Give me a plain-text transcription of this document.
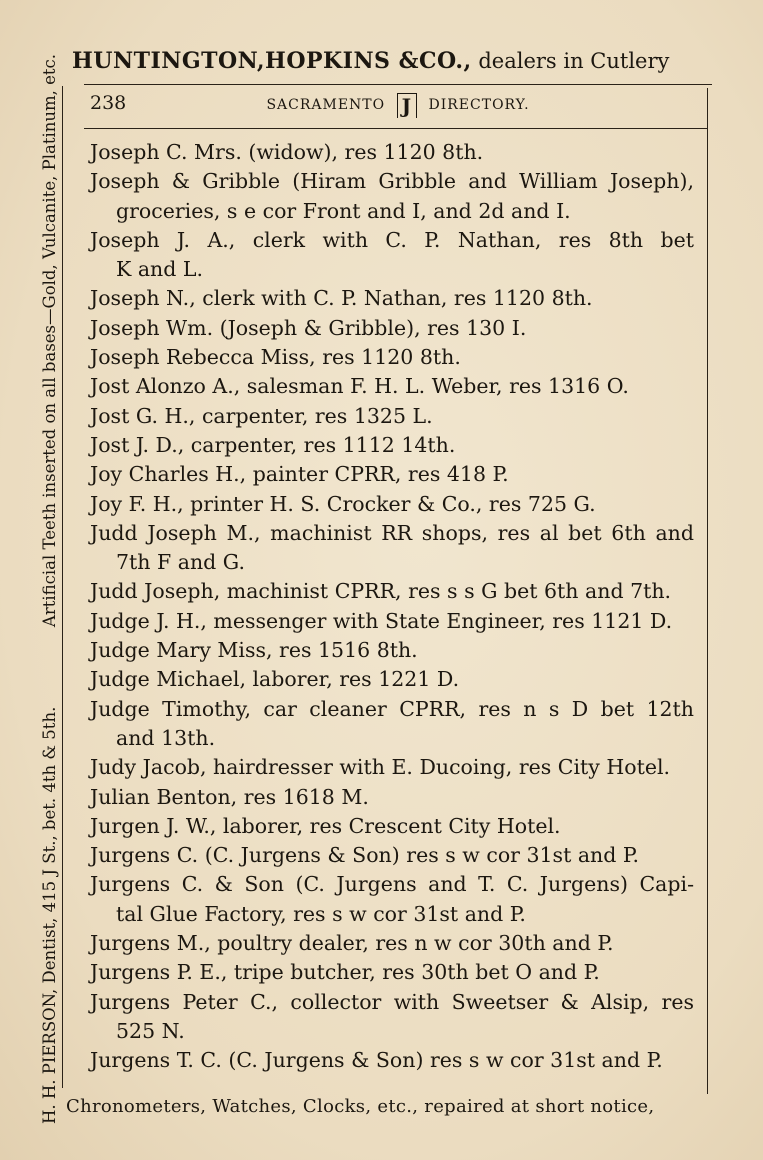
HUNTINGTON,HOPKINS &CO., dealers in Cutlery
H. H. PIERSON, Dentist, 415 J St., bet. 4th & 5th.
Artificial Teeth inserted on all bases—Gold, Vulcanite, Platinum, etc. 238	SACRAMENTO J DIRECTORY.
Joseph C. Mrs. (widow), res 1120 8th.
Joseph & Gribble (Hiram Gribble and William Joseph),
groceries, s e cor Front and I, and 2d and I.
Joseph J. A., clerk with C. P. Nathan, res 8th bet
K and L.
Joseph N., clerk with C. P. Nathan, res 1120 8th.
Joseph Wm. (Joseph & Gribble), res 130 I.
Joseph Rebecca Miss, res 1120 8th.
Jost Alonzo A., salesman F. H. L. Weber, res 1316 O.
Jost G. H., carpenter, res 1325 L.
Jost J. D., carpenter, res 1112 14th.
Joy Charles H., painter CPRR, res 418 P.
Joy F. H., printer H. S. Crocker & Co., res 725 G.
Judd Joseph M., machinist RR shops, res al bet 6th and
7th F and G.
Judd Joseph, machinist CPRR, res s s G bet 6th and 7th.
Judge J. H., messenger with State Engineer, res 1121 D.
Judge Mary Miss, res 1516 8th.
Judge Michael, laborer, res 1221 D.
Judge Timothy, car cleaner CPRR, res n s D bet 12th
and 13th.
Judy Jacob, hairdresser with E. Ducoing, res City Hotel.
Julian Benton, res 1618 M.
Jurgen J. W., laborer, res Crescent City Hotel.
Jurgens C. (C. Jurgens & Son) res s w cor 31st and P.
Jurgens C. & Son (C. Jurgens and T. C. Jurgens) Capi-
tal Glue Factory, res s w cor 31st and P.
Jurgens M., poultry dealer, res n w cor 30th and P.
Jurgens P. E., tripe butcher, res 30th bet O and P.
Jurgens Peter C., collector with Sweetser & Alsip, res
525 N.
Jurgens T. C. (C. Jurgens & Son) res s w cor 31st and P.
Chronometers, Watches, Clocks, etc., repaired at short notice,
